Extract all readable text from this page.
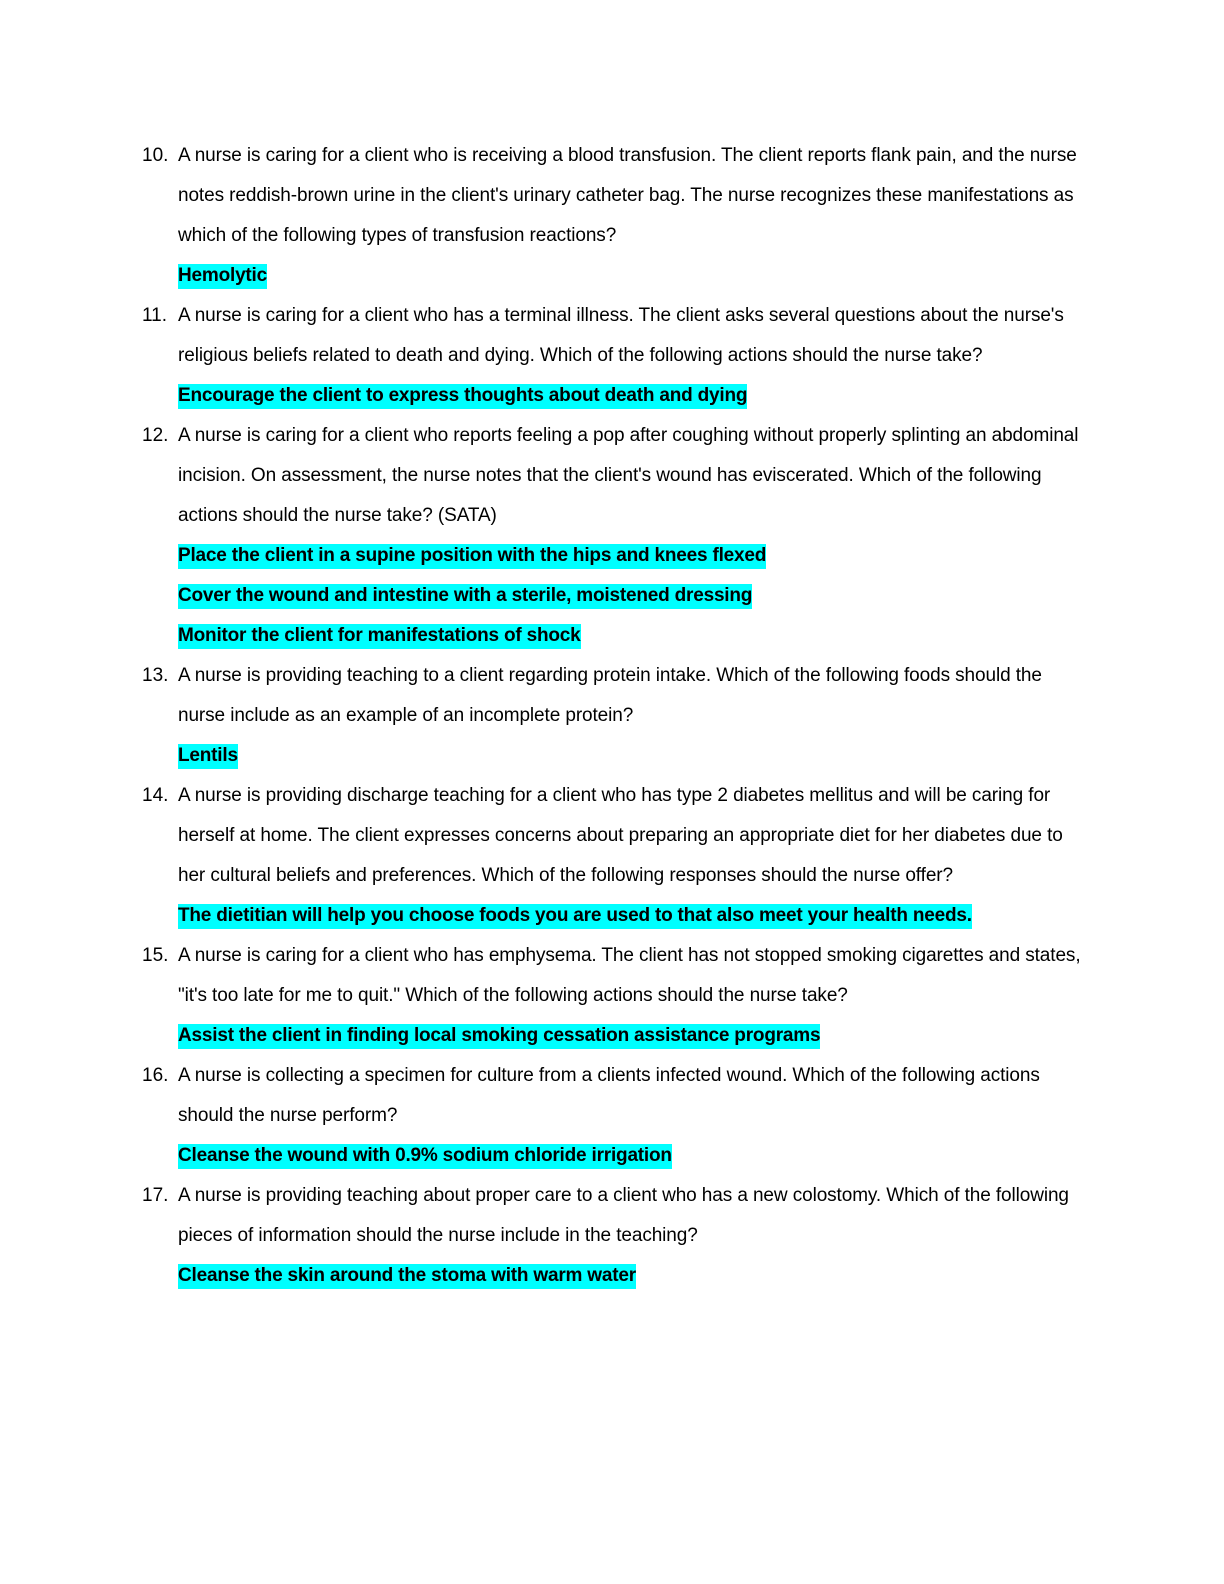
10. A nurse is caring for a client who is receiving a blood transfusion. The client reports flank pain, and the nurse notes reddish-brown urine in the client's urinary catheter bag. The nurse recognizes these manifestations as which of the following types of transfusion reactions?
Hemolytic
11. A nurse is caring for a client who has a terminal illness. The client asks several questions about the nurse's religious beliefs related to death and dying. Which of the following actions should the nurse take?
Encourage the client to express thoughts about death and dying
12. A nurse is caring for a client who reports feeling a pop after coughing without properly splinting an abdominal incision. On assessment, the nurse notes that the client's wound has eviscerated. Which of the following actions should the nurse take? (SATA)
Place the client in a supine position with the hips and knees flexed
Cover the wound and intestine with a sterile, moistened dressing
Monitor the client for manifestations of shock
13. A nurse is providing teaching to a client regarding protein intake. Which of the following foods should the nurse include as an example of an incomplete protein?
Lentils
14. A nurse is providing discharge teaching for a client who has type 2 diabetes mellitus and will be caring for herself at home. The client expresses concerns about preparing an appropriate diet for her diabetes due to her cultural beliefs and preferences. Which of the following responses should the nurse offer?
The dietitian will help you choose foods you are used to that also meet your health needs.
15. A nurse is caring for a client who has emphysema. The client has not stopped smoking cigarettes and states, "it's too late for me to quit." Which of the following actions should the nurse take?
Assist the client in finding local smoking cessation assistance programs
16. A nurse is collecting a specimen for culture from a clients infected wound. Which of the following actions should the nurse perform?
Cleanse the wound with 0.9% sodium chloride irrigation
17. A nurse is providing teaching about proper care to a client who has a new colostomy. Which of the following pieces of information should the nurse include in the teaching?
Cleanse the skin around the stoma with warm water
